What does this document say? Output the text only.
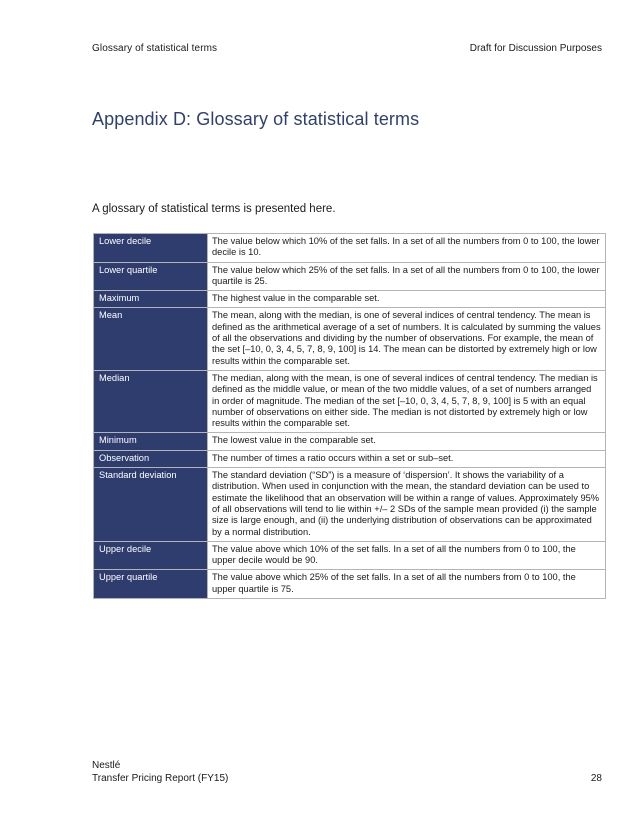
Glossary of statistical terms	Draft for Discussion Purposes
Appendix D: Glossary of statistical terms
A glossary of statistical terms is presented here.
Lower decile	The value below which 10% of the set falls. In a set of all the numbers from 0 to 100, the lower decile is 10.
Lower quartile	The value below which 25% of the set falls. In a set of all the numbers from 0 to 100, the lower quartile is 25.
Maximum	The highest value in the comparable set.
Mean	The mean, along with the median, is one of several indices of central tendency. The mean is defined as the arithmetical average of a set of numbers. It is calculated by summing the values of all the observations and dividing by the number of observations. For example, the mean of the set [–10, 0, 3, 4, 5, 7, 8, 9, 100] is 14. The mean can be distorted by extremely high or low results within the comparable set.
Median	The median, along with the mean, is one of several indices of central tendency. The median is defined as the middle value, or mean of the two middle values, of a set of numbers arranged in order of magnitude. The median of the set [–10, 0, 3, 4, 5, 7, 8, 9, 100] is 5 with an equal number of observations on either side. The median is not distorted by extremely high or low results within the comparable set.
Minimum	The lowest value in the comparable set.
Observation	The number of times a ratio occurs within a set or sub–set.
Standard deviation	The standard deviation (“SD”) is a measure of ‘dispersion’. It shows the variability of a distribution. When used in conjunction with the mean, the standard deviation can be used to estimate the likelihood that an observation will be within a range of values. Approximately 95% of all observations will tend to lie within +/– 2 SDs of the sample mean provided (i) the sample size is large enough, and (ii) the underlying distribution of observations can be approximated by a normal distribution.
Upper decile	The value above which 10% of the set falls. In a set of all the numbers from 0 to 100, the upper decile would be 90.
Upper quartile	The value above which 25% of the set falls. In a set of all the numbers from 0 to 100, the upper quartile is 75.
Nestlé
Transfer Pricing Report (FY15)	28
